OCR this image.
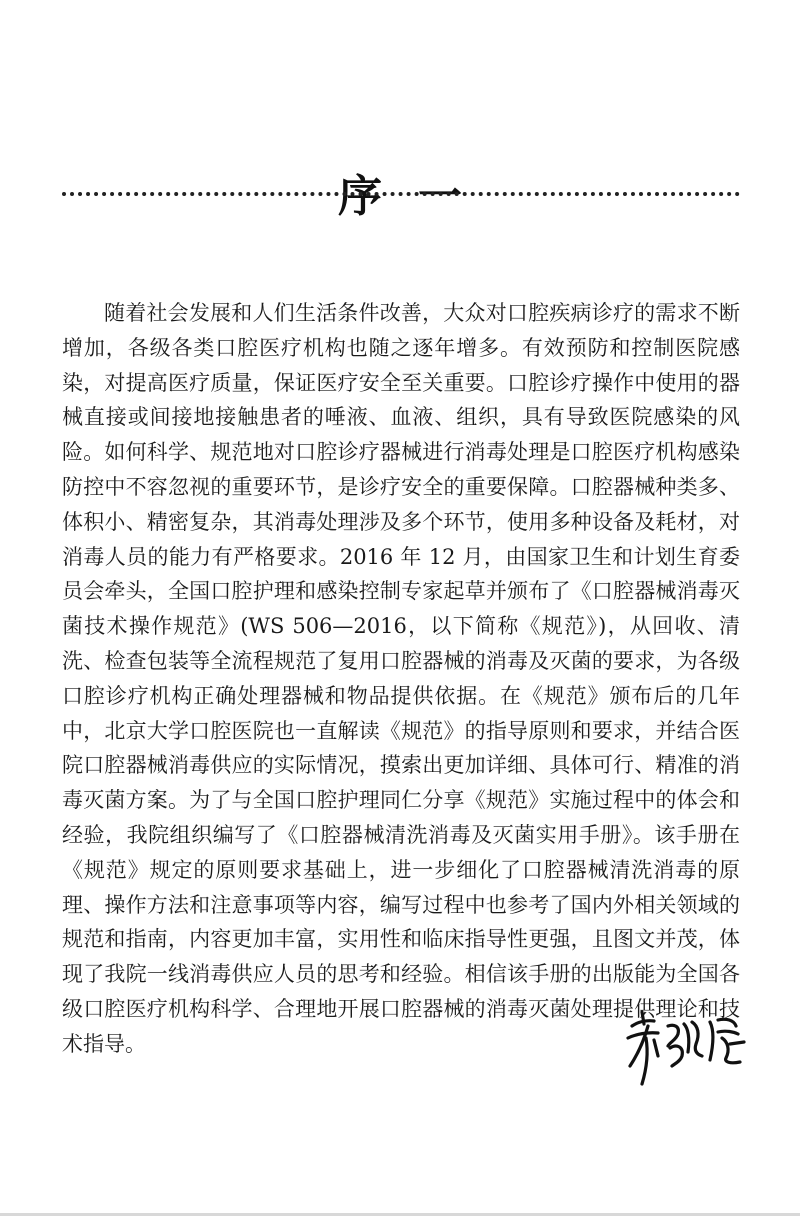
序一

随着社会发展和人们生活条件改善，大众对口腔疾病诊疗的需求不断增加，各级各类口腔医疗机构也随之逐年增多。有效预防和控制医院感染，对提高医疗质量，保证医疗安全至关重要。口腔诊疗操作中使用的器械直接或间接地接触患者的唾液、血液、组织，具有导致医院感染的风险。如何科学、规范地对口腔诊疗器械进行消毒处理是口腔医疗机构感染防控中不容忽视的重要环节，是诊疗安全的重要保障。口腔器械种类多、体积小、精密复杂，其消毒处理涉及多个环节，使用多种设备及耗材，对消毒人员的能力有严格要求。2016 年 12 月，由国家卫生和计划生育委员会牵头，全国口腔护理和感染控制专家起草并颁布了《口腔器械消毒灭菌技术操作规范》(WS 506—2016，以下简称《规范》)，从回收、清洗、检查包装等全流程规范了复用口腔器械的消毒及灭菌的要求，为各级口腔诊疗机构正确处理器械和物品提供依据。在《规范》颁布后的几年中，北京大学口腔医院也一直解读《规范》的指导原则和要求，并结合医院口腔器械消毒供应的实际情况，摸索出更加详细、具体可行、精准的消毒灭菌方案。为了与全国口腔护理同仁分享《规范》实施过程中的体会和经验，我院组织编写了《口腔器械清洗消毒及灭菌实用手册》。该手册在《规范》规定的原则要求基础上，进一步细化了口腔器械清洗消毒的原理、操作方法和注意事项等内容，编写过程中也参考了国内外相关领域的规范和指南，内容更加丰富，实用性和临床指导性更强，且图文并茂，体现了我院一线消毒供应人员的思考和经验。相信该手册的出版能为全国各级口腔医疗机构科学、合理地开展口腔器械的消毒灭菌处理提供理论和技术指导。
